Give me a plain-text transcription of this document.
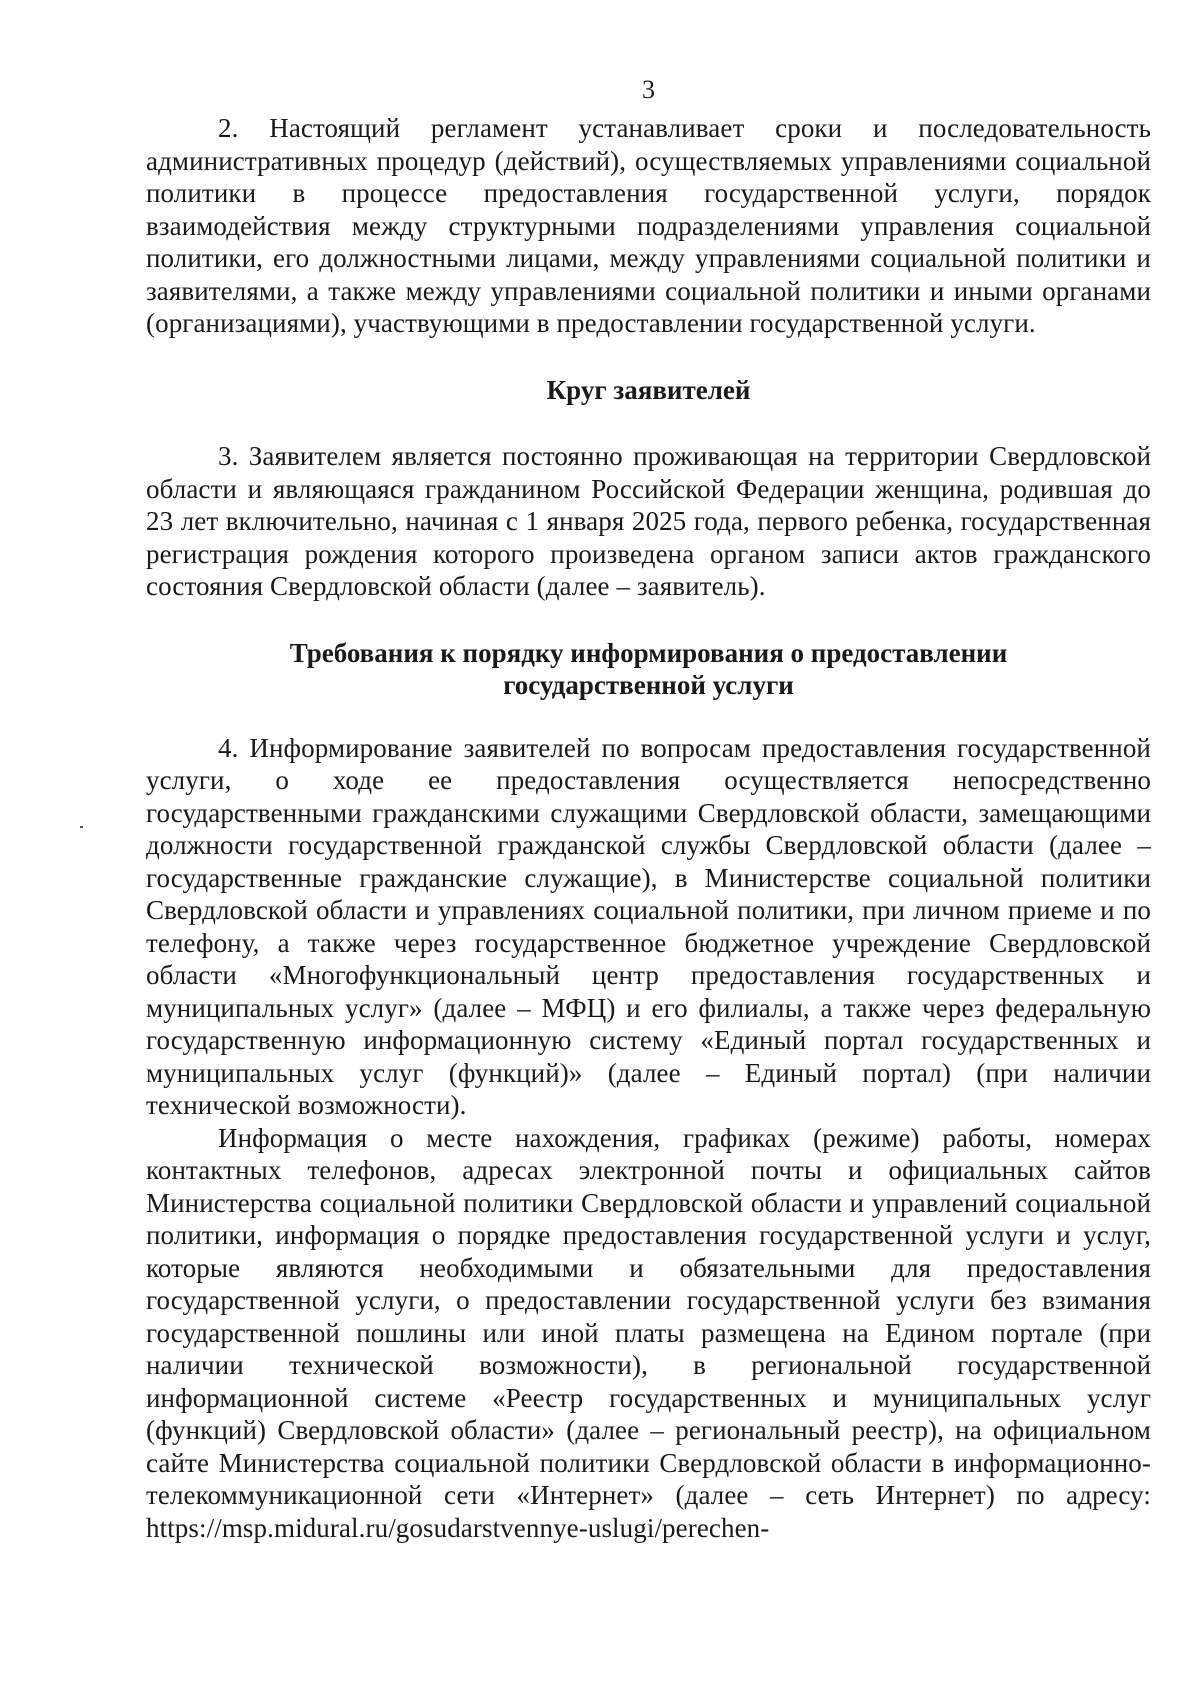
3

2. Настоящий регламент устанавливает сроки и последовательность административных процедур (действий), осуществляемых управлениями социальной политики в процессе предоставления государственной услуги, порядок взаимодействия между структурными подразделениями управления социальной политики, его должностными лицами, между управлениями социальной политики и заявителями, а также между управлениями социальной политики и иными органами (организациями), участвующими в предоставлении государственной услуги.

Круг заявителей

3. Заявителем является постоянно проживающая на территории Свердловской области и являющаяся гражданином Российской Федерации женщина, родившая до 23 лет включительно, начиная с 1 января 2025 года, первого ребенка, государственная регистрация рождения которого произведена органом записи актов гражданского состояния Свердловской области (далее – заявитель).

Требования к порядку информирования о предоставлении
государственной услуги

4. Информирование заявителей по вопросам предоставления государственной услуги, о ходе ее предоставления осуществляется непосредственно государственными гражданскими служащими Свердловской области, замещающими должности государственной гражданской службы Свердловской области (далее – государственные гражданские служащие), в Министерстве социальной политики Свердловской области и управлениях социальной политики, при личном приеме и по телефону, а также через государственное бюджетное учреждение Свердловской области «Многофункциональный центр предоставления государственных и муниципальных услуг» (далее – МФЦ) и его филиалы, а также через федеральную государственную информационную систему «Единый портал государственных и муниципальных услуг (функций)» (далее – Единый портал) (при наличии технической возможности).

Информация о месте нахождения, графиках (режиме) работы, номерах контактных телефонов, адресах электронной почты и официальных сайтов Министерства социальной политики Свердловской области и управлений социальной политики, информация о порядке предоставления государственной услуги и услуг, которые являются необходимыми и обязательными для предоставления государственной услуги, о предоставлении государственной услуги без взимания государственной пошлины или иной платы размещена на Едином портале (при наличии технической возможности), в региональной государственной информационной системе «Реестр государственных и муниципальных услуг (функций) Свердловской области» (далее – региональный реестр), на официальном сайте Министерства социальной политики Свердловской области в информационно-телекоммуникационной сети «Интернет» (далее – сеть Интернет) по адресу: https://msp.midural.ru/gosudarstvennye-uslugi/perechen-
